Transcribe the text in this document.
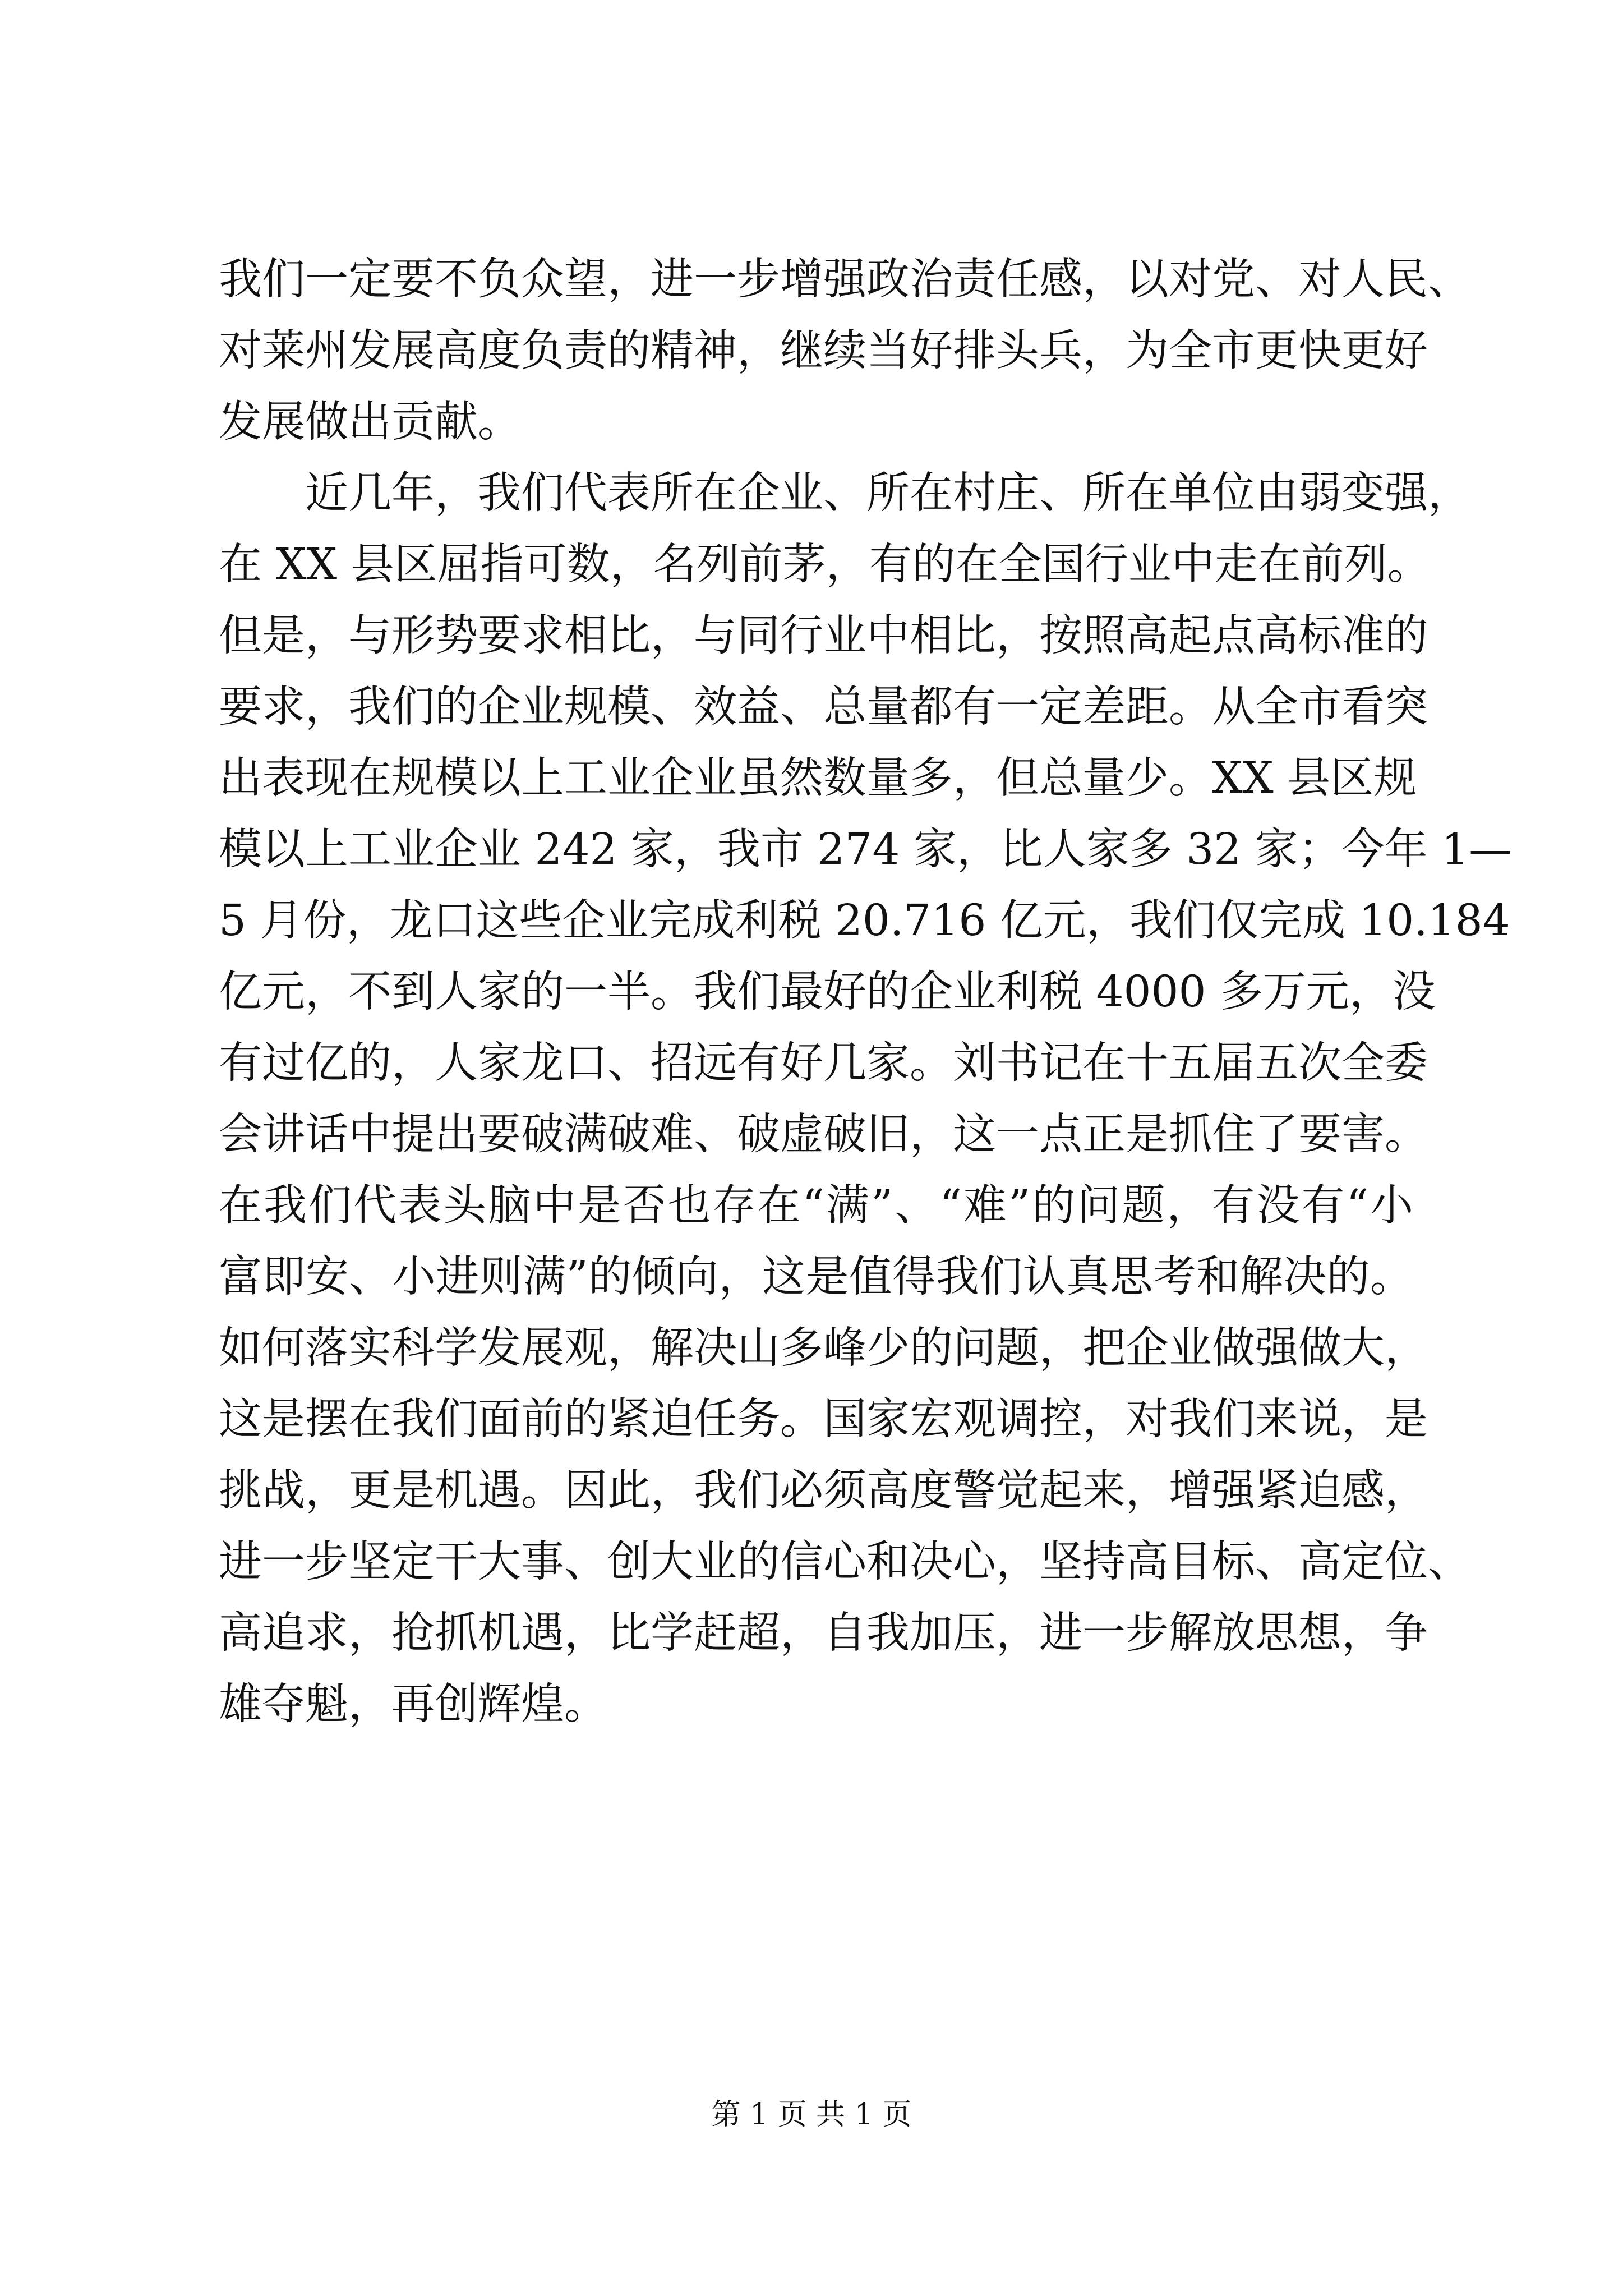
我们一定要不负众望，进一步增强政治责任感，以对党、对人民、
对莱州发展高度负责的精神，继续当好排头兵，为全市更快更好
发展做出贡献。

近几年，我们代表所在企业、所在村庄、所在单位由弱变强，
在 XX 县区屈指可数，名列前茅，有的在全国行业中走在前列。
但是，与形势要求相比，与同行业中相比，按照高起点高标准的
要求，我们的企业规模、效益、总量都有一定差距。从全市看突
出表现在规模以上工业企业虽然数量多，但总量少。XX 县区规
模以上工业企业 242 家，我市 274 家，比人家多 32 家；今年 1—
5 月份，龙口这些企业完成利税 20.716 亿元，我们仅完成 10.184
亿元，不到人家的一半。我们最好的企业利税 4000 多万元，没
有过亿的，人家龙口、招远有好几家。刘书记在十五届五次全委
会讲话中提出要破满破难、破虚破旧，这一点正是抓住了要害。
在我们代表头脑中是否也存在“满”、“难”的问题，有没有“小
富即安、小进则满”的倾向，这是值得我们认真思考和解决的。
如何落实科学发展观，解决山多峰少的问题，把企业做强做大，
这是摆在我们面前的紧迫任务。国家宏观调控，对我们来说，是
挑战，更是机遇。因此，我们必须高度警觉起来，增强紧迫感，
进一步坚定干大事、创大业的信心和决心，坚持高目标、高定位、
高追求，抢抓机遇，比学赶超，自我加压，进一步解放思想，争
雄夺魁，再创辉煌。

第 1 页 共 1 页
